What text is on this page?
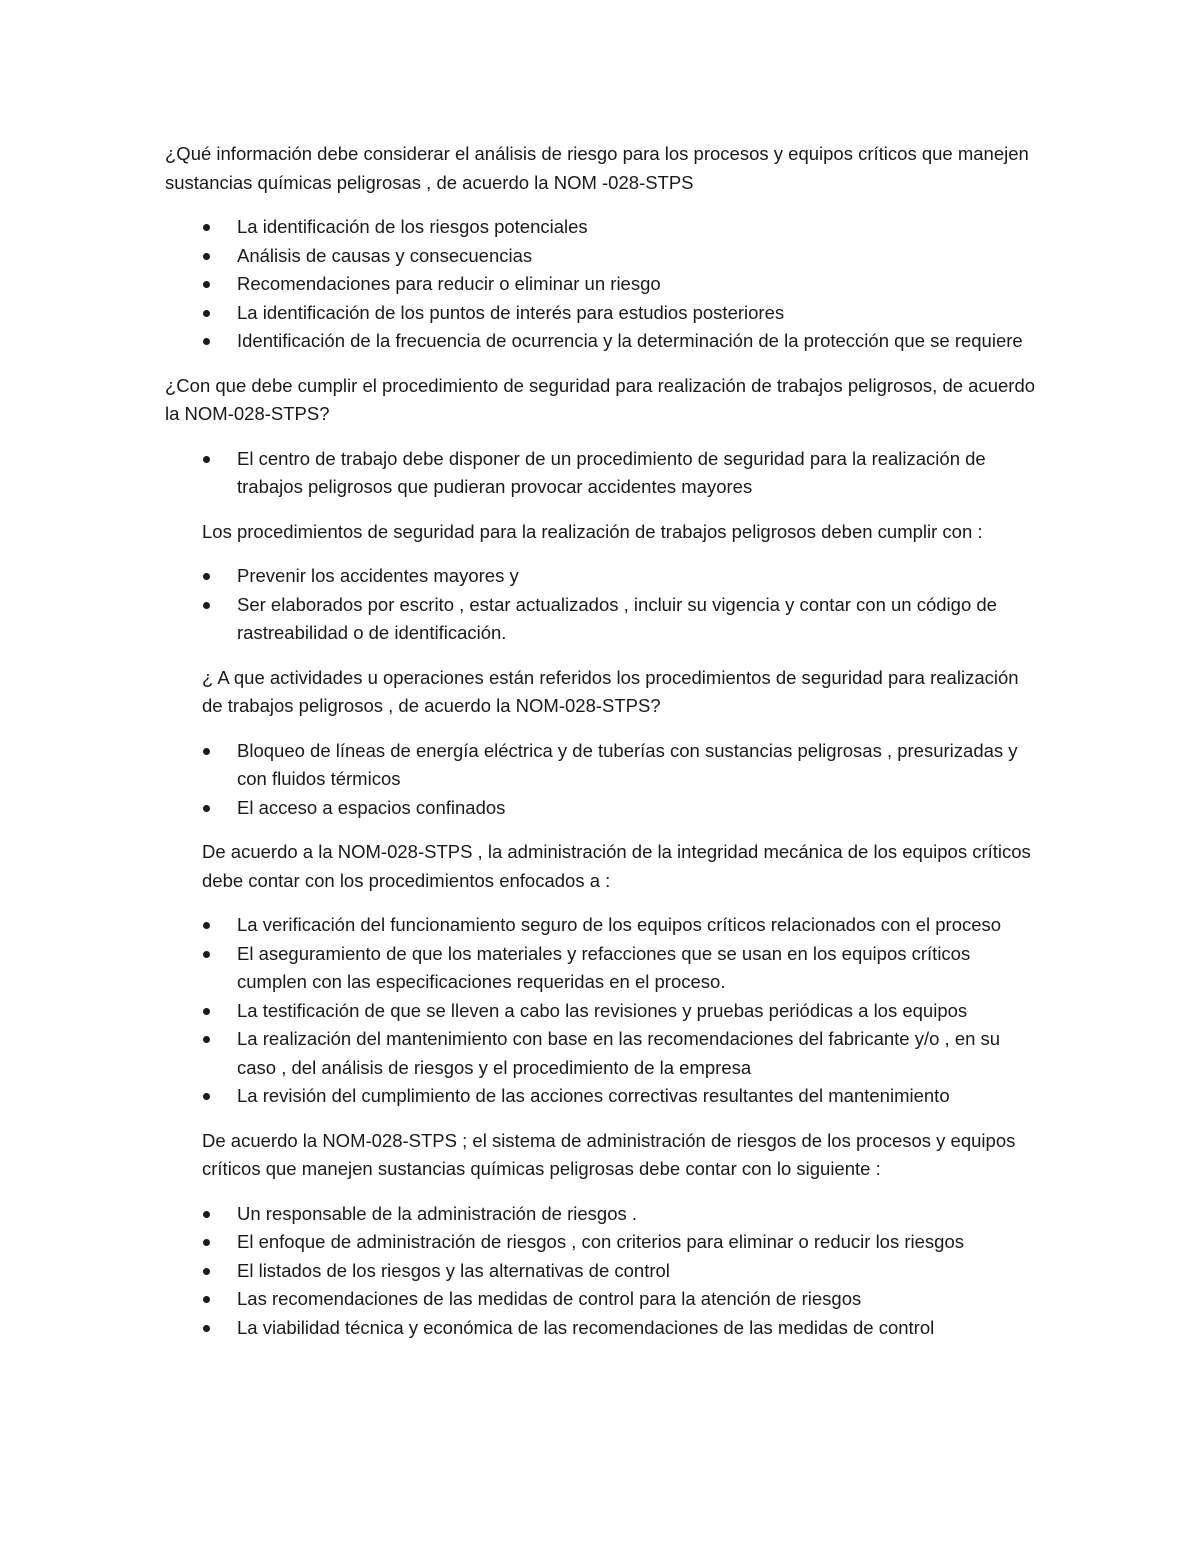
¿Qué información debe considerar el análisis de riesgo para los procesos y equipos críticos que manejen sustancias químicas peligrosas , de acuerdo la NOM -028-STPS

La identificación de los riesgos potenciales
Análisis de causas y consecuencias
Recomendaciones para reducir o eliminar un riesgo
La identificación de los puntos de interés para estudios posteriores
Identificación de la frecuencia de ocurrencia y la determinación de la protección que se requiere

¿Con que debe cumplir el procedimiento de seguridad para realización de trabajos peligrosos, de acuerdo la NOM-028-STPS?

El centro de trabajo debe disponer de un procedimiento de seguridad para la realización de trabajos peligrosos que pudieran provocar accidentes mayores

Los procedimientos de seguridad para la realización de trabajos peligrosos deben cumplir con :

Prevenir los accidentes mayores y
Ser elaborados por escrito , estar actualizados , incluir su vigencia y contar con un código de rastreabilidad o de identificación.

¿ A que actividades u operaciones están referidos los procedimientos de seguridad para realización de trabajos peligrosos , de acuerdo la NOM-028-STPS?

Bloqueo de líneas de energía eléctrica y de tuberías con sustancias peligrosas , presurizadas y con fluidos térmicos
El acceso a espacios confinados

De acuerdo a la NOM-028-STPS , la administración de la integridad mecánica de los equipos críticos debe contar con los procedimientos enfocados a :

La verificación del funcionamiento seguro de los equipos críticos relacionados con el proceso
El aseguramiento de que los materiales y refacciones que se usan en los equipos críticos cumplen con las especificaciones requeridas en el proceso.
La testificación de que se lleven a cabo las revisiones y pruebas periódicas a los equipos
La realización del mantenimiento con base en las recomendaciones del fabricante y/o , en su caso , del análisis de riesgos y el procedimiento de la empresa
La revisión del cumplimiento de las acciones correctivas resultantes del mantenimiento

De acuerdo la NOM-028-STPS ; el sistema de administración de riesgos de los procesos y equipos críticos que manejen sustancias químicas peligrosas debe contar con lo siguiente :

Un responsable de la administración de riesgos .
El enfoque de administración de riesgos , con criterios para eliminar o reducir los riesgos
El listados de los riesgos y las alternativas de control
Las recomendaciones de las medidas de control para la atención de riesgos
La viabilidad técnica y económica de las recomendaciones de las medidas de control
